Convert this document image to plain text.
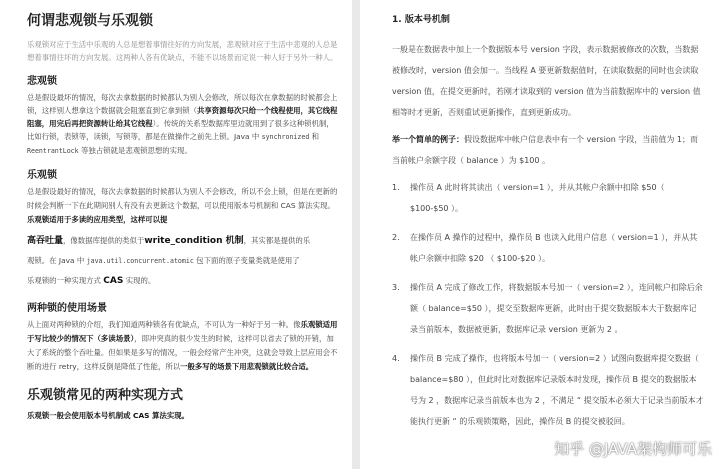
何谓悲观锁与乐观锁
乐观锁对应于生活中乐观的人总是想着事情往好的方向发展，悲观锁对应于生活中悲观的人总是想着事情往坏的方向发展。这两种人各有优缺点，不能不以场景而定说一种人好于另外一种人。
悲观锁
总是假设最坏的情况，每次去拿数据的时候都认为别人会修改，所以每次在拿数据的时候都会上锁，这样别人想拿这个数据就会阻塞直到它拿到锁（共享资源每次只给一个线程使用，其它线程阻塞，用完后再把资源转让给其它线程）。传统的关系型数据库里边就用到了很多这种锁机制，比如行锁，表锁等，读锁，写锁等，都是在做操作之前先上锁。Java 中 synchronized 和 ReentrantLock 等独占锁就是悲观锁思想的实现。
乐观锁
总是假设最好的情况，每次去拿数据的时候都认为别人不会修改，所以不会上锁，但是在更新的时候会判断一下在此期间别人有没有去更新这个数据，可以使用版本号机制和 CAS 算法实现。乐观锁适用于多读的应用类型，这样可以提
高吞吐量，像数据库提供的类似于write_condition 机制，其实都是提供的乐
观锁。在 Java 中 java.util.concurrent.atomic 包下面的原子变量类就是使用了
乐观锁的一种实现方式 CAS 实现的。
两种锁的使用场景
从上面对两种锁的介绍，我们知道两种锁各有优缺点，不可认为一种好于另一种。像乐观锁适用于写比较少的情况下（多读场景），即冲突真的很少发生的时候，这样可以省去了锁的开销，加大了系统的整个吞吐量。但如果是多写的情况，一般会经常产生冲突，这就会导致上层应用会不断的进行 retry，这样反倒是降低了性能，所以一般多写的场景下用悲观锁就比较合适。
乐观锁常见的两种实现方式
乐观锁一般会使用版本号机制或 CAS 算法实现。
1. 版本号机制
一般是在数据表中加上一个数据版本号 version 字段，表示数据被修改的次数，当数据被修改时，version 值会加一。当线程 A 要更新数据值时，在读取数据的同时也会读取 version 值，在提交更新时，若刚才读取到的 version 值为当前数据库中的 version 值相等时才更新，否则重试更新操作，直到更新成功。
举一个简单的例子：假设数据库中帐户信息表中有一个 version 字段，当前值为 1；而当前帐户余额字段（ balance ）为 $100 。
1.	操作员 A 此时将其读出（ version=1 ），并从其帐户余额中扣除 $50（ $100-$50 ）。
2.	在操作员 A 操作的过程中，操作员 B 也读入此用户信息（ version=1 ），并从其帐户余额中扣除 $20 （ $100-$20 ）。
3.	操作员 A 完成了修改工作，将数据版本号加一（ version=2 ），连同帐户扣除后余额（ balance=$50 ），提交至数据库更新，此时由于提交数据版本大于数据库记录当前版本，数据被更新，数据库记录 version 更新为 2 。
4.	操作员 B 完成了操作，也将版本号加一（ version=2 ）试图向数据库提交数据（ balance=$80 ），但此时比对数据库记录版本时发现，操作员 B 提交的数据版本号为 2 ，数据库记录当前版本也为 2 ，不满足 “ 提交版本必须大于记录当前版本才能执行更新 “ 的乐观锁策略，因此，操作员 B 的提交被驳回。
知乎 @JAVA架构师可乐
